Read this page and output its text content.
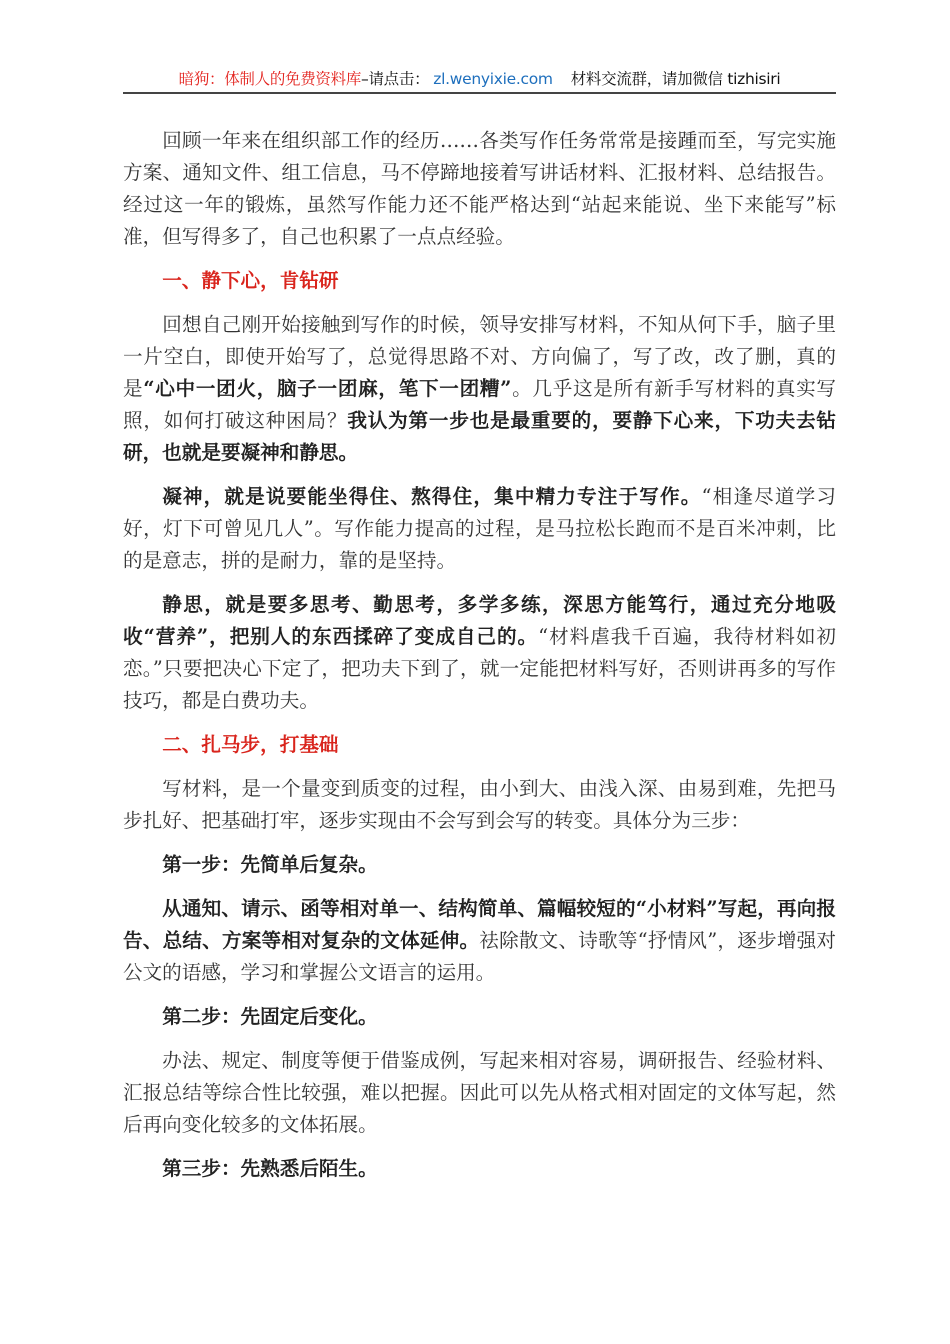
暗狗：体制人的免费资料库–请点击： zl.wenyixie.com 材料交流群，请加微信 tizhisiri

回顾一年来在组织部工作的经历……各类写作任务常常是接踵而至，写完实施方案、通知文件、组工信息，马不停蹄地接着写讲话材料、汇报材料、总结报告。经过这一年的锻炼，虽然写作能力还不能严格达到“站起来能说、坐下来能写”标准，但写得多了，自己也积累了一点点经验。

一、静下心，肯钻研

回想自己刚开始接触到写作的时候，领导安排写材料，不知从何下手，脑子里一片空白，即使开始写了，总觉得思路不对、方向偏了，写了改，改了删，真的是“心中一团火，脑子一团麻，笔下一团糟”。几乎这是所有新手写材料的真实写照，如何打破这种困局？我认为第一步也是最重要的，要静下心来，下功夫去钻研，也就是要凝神和静思。

凝神，就是说要能坐得住、熬得住，集中精力专注于写作。“相逢尽道学习好，灯下可曾见几人”。写作能力提高的过程，是马拉松长跑而不是百米冲刺，比的是意志，拼的是耐力，靠的是坚持。

静思，就是要多思考、勤思考，多学多练，深思方能笃行，通过充分地吸收“营养”，把别人的东西揉碎了变成自己的。“材料虐我千百遍，我待材料如初恋。”只要把决心下定了，把功夫下到了，就一定能把材料写好，否则讲再多的写作技巧，都是白费功夫。

二、扎马步，打基础

写材料，是一个量变到质变的过程，由小到大、由浅入深、由易到难，先把马步扎好、把基础打牢，逐步实现由不会写到会写的转变。具体分为三步：

第一步：先简单后复杂。

从通知、请示、函等相对单一、结构简单、篇幅较短的“小材料”写起，再向报告、总结、方案等相对复杂的文体延伸。祛除散文、诗歌等“抒情风”，逐步增强对公文的语感，学习和掌握公文语言的运用。

第二步：先固定后变化。

办法、规定、制度等便于借鉴成例，写起来相对容易，调研报告、经验材料、汇报总结等综合性比较强，难以把握。因此可以先从格式相对固定的文体写起，然后再向变化较多的文体拓展。

第三步：先熟悉后陌生。
